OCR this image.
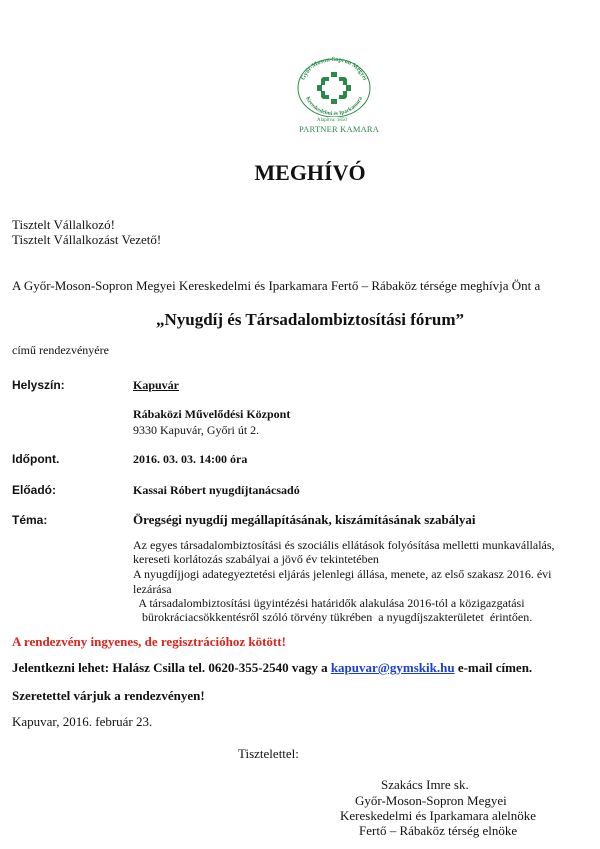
Győr-Moson-Sopron Megyei
Kereskedelmi és Iparkamara
Alapítva: 1850
PARTNER KAMARA
MEGHÍVÓ
Tisztelt Vállalkozó!
Tisztelt Vállalkozást Vezető!
A Győr-Moson-Sopron Megyei Kereskedelmi és Iparkamara Fertő – Rábaköz térsége meghívja Önt a
„Nyugdíj és Társadalombiztosítási fórum”
című rendezvényére
Helyszín:	Kapuvár
Rábaközi Művelődési Központ
9330 Kapuvár, Győri út 2.
Időpont.	2016. 03. 03. 14:00 óra
Előadó:	Kassai Róbert nyugdíjtanácsadó
Téma:	Öregségi nyugdíj megállapításának, kiszámításának szabályai
Az egyes társadalombiztosítási és szociális ellátások folyósítása melletti munkavállalás,
kereseti korlátozás szabályai a jövő év tekintetében
A nyugdíjjogi adategyeztetési eljárás jelenlegi állása, menete, az első szakasz 2016. évi
lezárása
A társadalombiztosítási ügyintézési határidők alakulása 2016-tól a közigazgatási
bürokráciacsökkentésről szóló törvény tükrében  a nyugdíjszakterületet  érintően.
A rendezvény ingyenes, de regisztrációhoz kötött!
Jelentkezni lehet: Halász Csilla tel. 0620-355-2540 vagy a kapuvar@gymskik.hu e-mail címen.
Szeretettel várjuk a rendezvényen!
Kapuvar, 2016. február 23.
Tisztelettel:
Szakács Imre sk.
Győr-Moson-Sopron Megyei
Kereskedelmi és Iparkamara alelnöke
Fertő – Rábaköz térség elnöke
